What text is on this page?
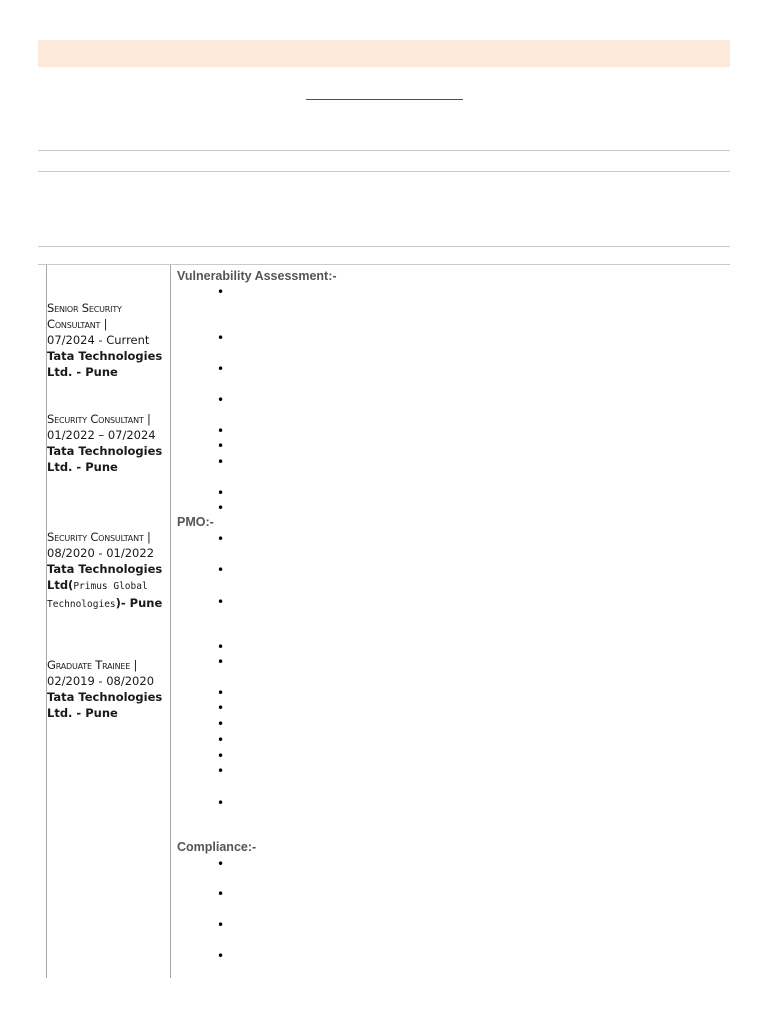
Senior Security Consultant |
07/2024 - Current
Tata Technologies Ltd. - Pune
Security Consultant |
01/2022 – 07/2024
Tata Technologies Ltd. - Pune
Security Consultant |
08/2020 - 01/2022
Tata Technologies Ltd(Primus Global Technologies)- Pune
Graduate Trainee |
02/2019 - 08/2020
Tata Technologies Ltd. - Pune
Vulnerability Assessment:-
PMO:-
Compliance:-
•
•
•
•
•
•
•
•
•
•
•
•
•
•
•
•
•
•
•
•
•
•
•
•
•
